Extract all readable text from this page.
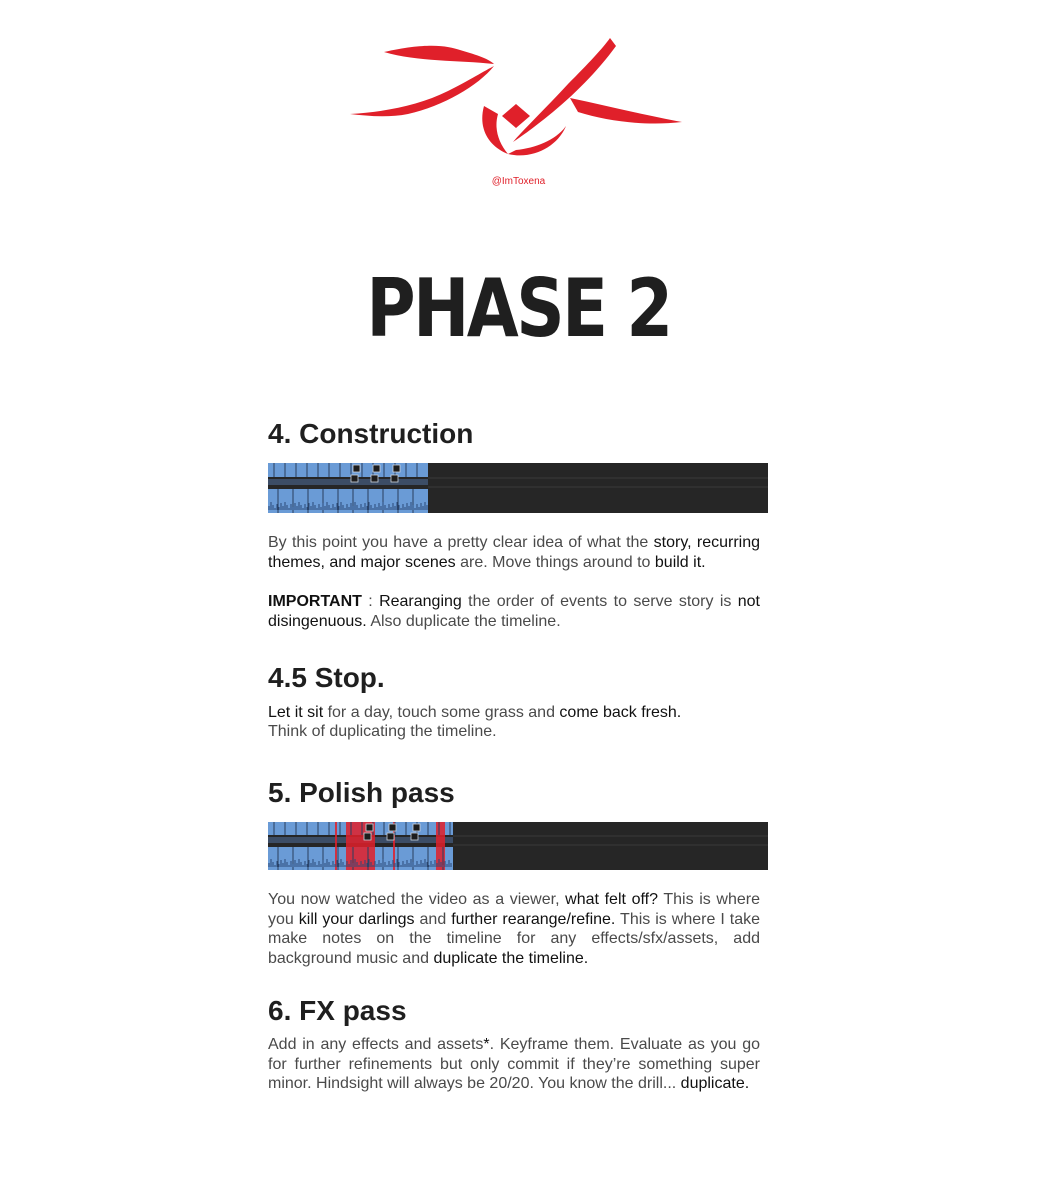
@ImToxena
PHASE 2
4. Construction

By this point you have a pretty clear idea of what the story, recurring themes, and major scenes are. Move things around to build it.

IMPORTANT : Rearanging the order of events to serve story is not disingenuous. Also duplicate the timeline.

4.5 Stop.

Let it sit for a day, touch some grass and come back fresh.

Think of duplicating the timeline.

5. Polish pass

You now watched the video as a viewer, what felt off? This is where you kill your darlings and further rearange/refine. This is where I take make notes on the timeline for any effects/sfx/assets, add background music and duplicate the timeline.

6. FX pass

Add in any effects and assets*. Keyframe them. Evaluate as you go for further refinements but only commit if they’re something super minor. Hindsight will always be 20/20. You know the drill... duplicate.
